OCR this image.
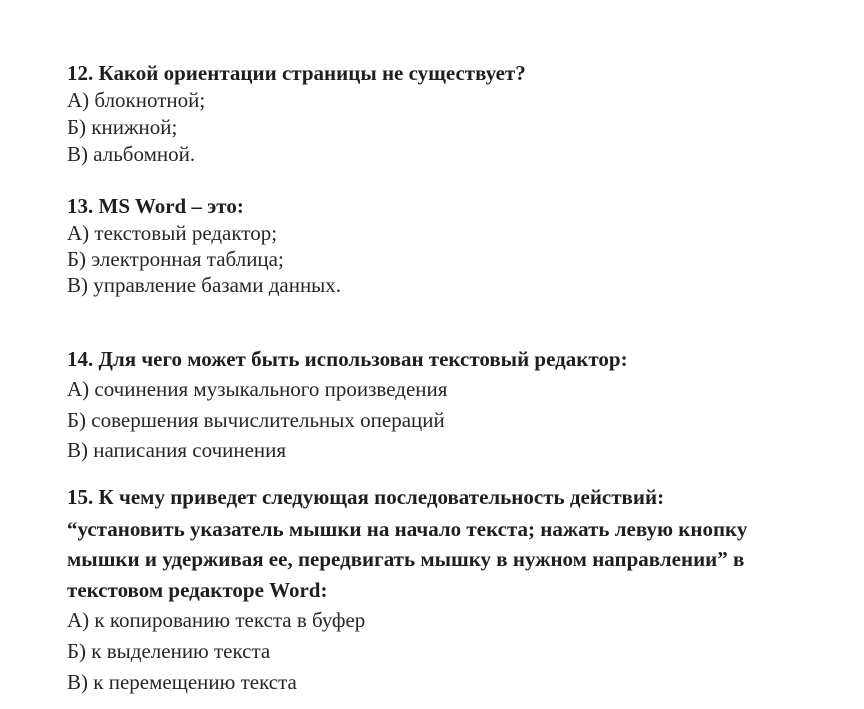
12. Какой ориентации страницы не существует?
А) блокнотной;
Б) книжной;
В) альбомной.
13. MS Word – это:
А) текстовый редактор;
Б) электронная таблица;
В) управление базами данных.
14. Для чего может быть использован текстовый редактор:
А) сочинения музыкального произведения
Б) совершения вычислительных операций
В) написания сочинения
15. К чему приведет следующая последовательность действий:
“установить указатель мышки на начало текста; нажать левую кнопку
мышки и удерживая ее, передвигать мышку в нужном направлении” в
текстовом редакторе Word:
А) к копированию текста в буфер
Б) к выделению текста
В) к перемещению текста
